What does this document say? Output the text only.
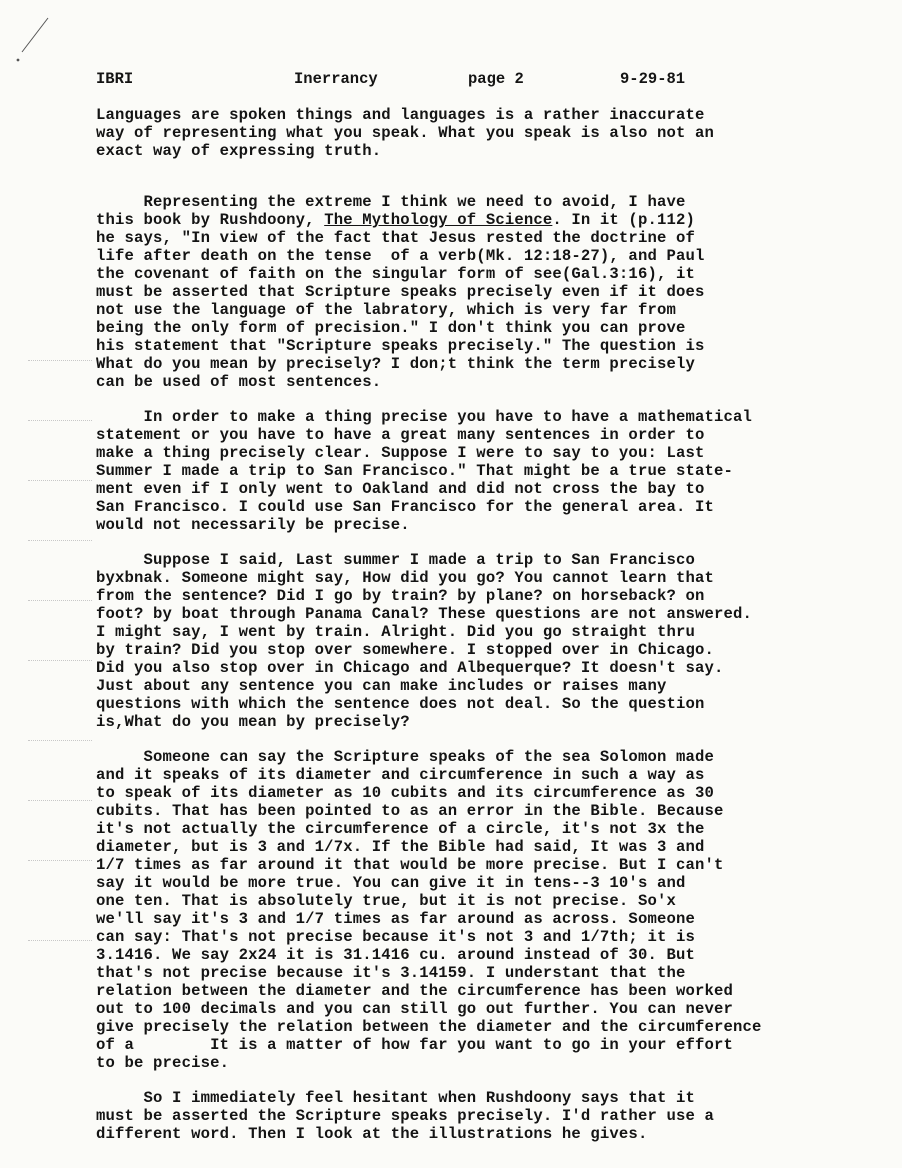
IBRI	Inerrancy	page 2	9-29-81
Languages are spoken things and languages is a rather inaccurate
way of representing what you speak. What you speak is also not an
exact way of expressing truth.
Representing the extreme I think we need to avoid, I have
this book by Rushdoony, The Mythology of Science. In it (p.112)
he says, "In view of the fact that Jesus rested the doctrine of
life after death on the tense  of a verb(Mk. 12:18-27), and Paul
the covenant of faith on the singular form of see(Gal.3:16), it
must be asserted that Scripture speaks precisely even if it does
not use the language of the labratory, which is very far from
being the only form of precision." I don't think you can prove
his statement that "Scripture speaks precisely." The question is
What do you mean by precisely? I don;t think the term precisely
can be used of most sentences.
In order to make a thing precise you have to have a mathematical
statement or you have to have a great many sentences in order to
make a thing precisely clear. Suppose I were to say to you: Last
Summer I made a trip to San Francisco." That might be a true state-
ment even if I only went to Oakland and did not cross the bay to
San Francisco. I could use San Francisco for the general area. It
would not necessarily be precise.
Suppose I said, Last summer I made a trip to San Francisco
byxbnak. Someone might say, How did you go? You cannot learn that
from the sentence? Did I go by train? by plane? on horseback? on
foot? by boat through Panama Canal? These questions are not answered.
I might say, I went by train. Alright. Did you go straight thru
by train? Did you stop over somewhere. I stopped over in Chicago.
Did you also stop over in Chicago and Albequerque? It doesn't say.
Just about any sentence you can make includes or raises many
questions with which the sentence does not deal. So the question
is,What do you mean by precisely?
Someone can say the Scripture speaks of the sea Solomon made
and it speaks of its diameter and circumference in such a way as
to speak of its diameter as 10 cubits and its circumference as 30
cubits. That has been pointed to as an error in the Bible. Because
it's not actually the circumference of a circle, it's not 3x the
diameter, but is 3 and 1/7x. If the Bible had said, It was 3 and
1/7 times as far around it that would be more precise. But I can't
say it would be more true. You can give it in tens--3 10's and
one ten. That is absolutely true, but it is not precise. So'x
we'll say it's 3 and 1/7 times as far around as across. Someone
can say: That's not precise because it's not 3 and 1/7th; it is
3.1416. We say 2x24 it is 31.1416 cu. around instead of 30. But
that's not precise because it's 3.14159. I understant that the
relation between the diameter and the circumference has been worked
out to 100 decimals and you can still go out further. You can never
give precisely the relation between the diameter and the circumference
of a        It is a matter of how far you want to go in your effort
to be precise.
So I immediately feel hesitant when Rushdoony says that it
must be asserted the Scripture speaks precisely. I'd rather use a
different word. Then I look at the illustrations he gives.
